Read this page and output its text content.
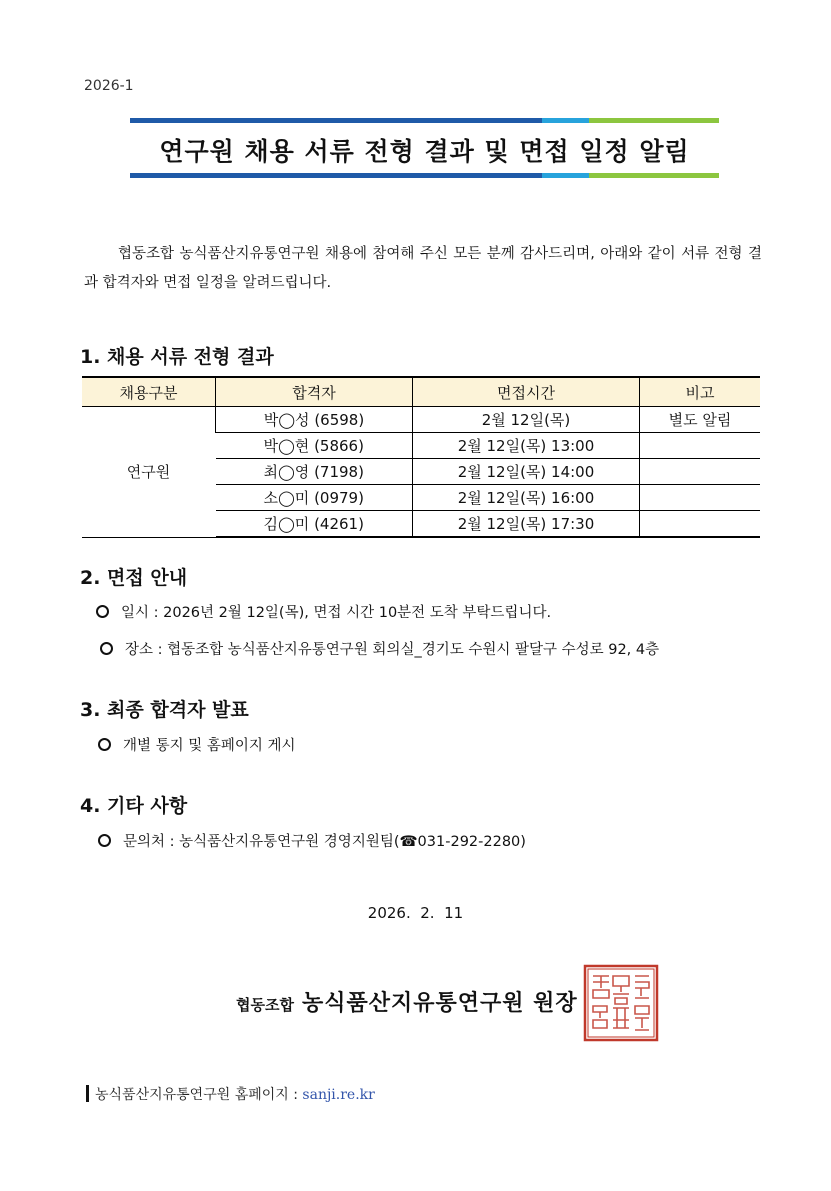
2026-1
연구원 채용 서류 전형 결과 및 면접 일정 알림
협동조합 농식품산지유통연구원 채용에 참여해 주신 모든 분께 감사드리며, 아래와 같이 서류 전형 결과 합격자와 면접 일정을 알려드립니다.
1. 채용 서류 전형 결과
채용구분	합격자	면접시간	비고
연구원	박◯성 (6598)	2월 12일(목)	별도 알림
	박◯현 (5866)	2월 12일(목) 13:00	
	최◯영 (7198)	2월 12일(목) 14:00	
	소◯미 (0979)	2월 12일(목) 16:00	
	김◯미 (4261)	2월 12일(목) 17:30	
2. 면접 안내
일시 : 2026년 2월 12일(목), 면접 시간 10분전 도착 부탁드립니다.
장소 : 협동조합 농식품산지유통연구원 회의실_경기도 수원시 팔달구 수성로 92, 4층
3. 최종 합격자 발표
개별 통지 및 홈페이지 게시
4. 기타 사항
문의처 : 농식품산지유통연구원 경영지원팀(☎031-292-2280)
2026.  2.  11
협동조합 농식품산지유통연구원 원장
농식품산지유통연구원 홈페이지 : sanji.re.kr
